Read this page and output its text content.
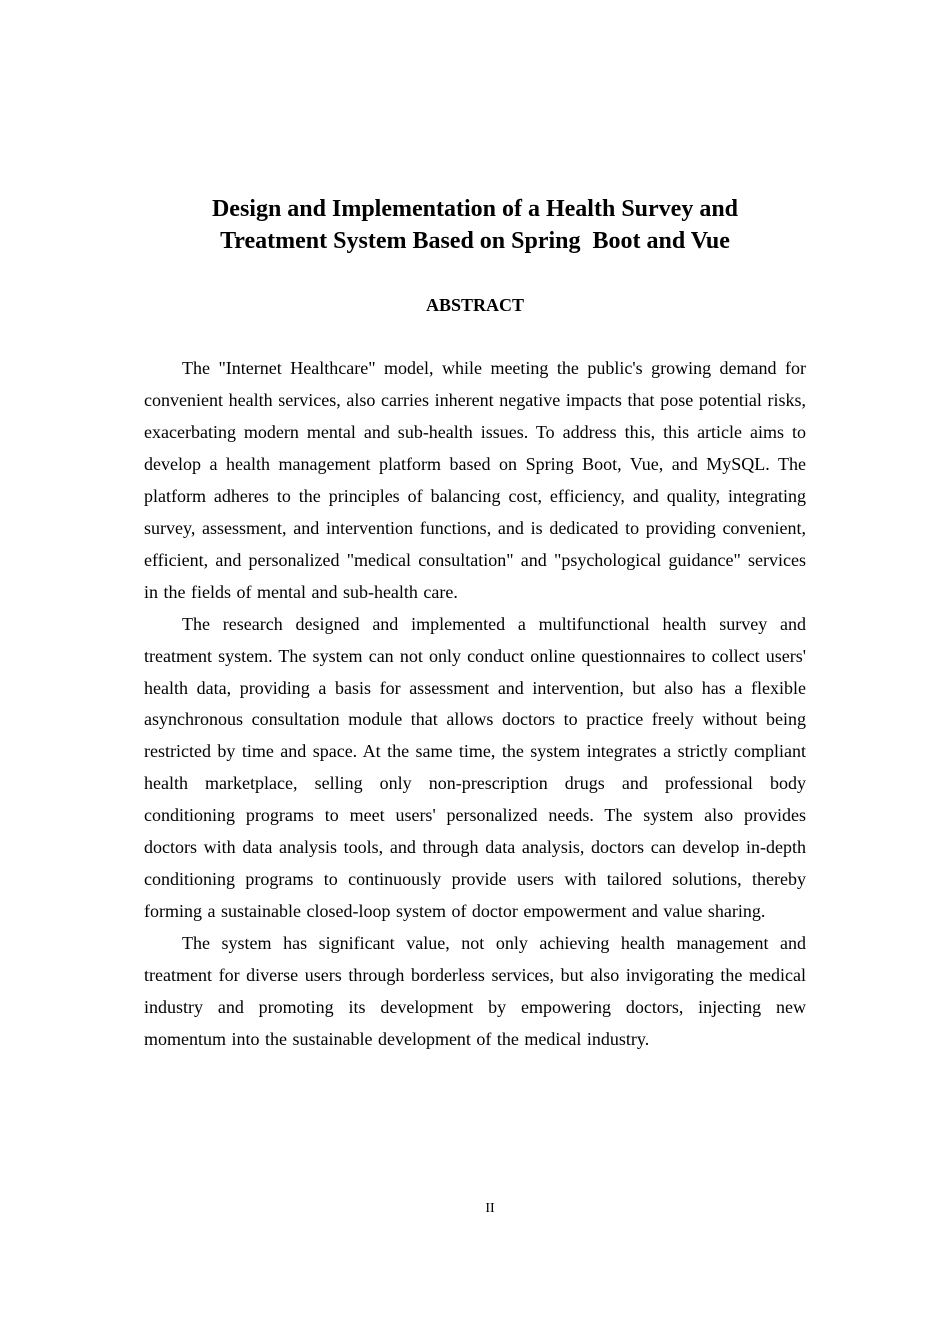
Design and Implementation of a Health Survey and
Treatment System Based on Spring  Boot and Vue
ABSTRACT

The "Internet Healthcare" model, while meeting the public's growing demand for convenient health services, also carries inherent negative impacts that pose potential risks, exacerbating modern mental and sub-health issues. To address this, this article aims to develop a health management platform based on Spring Boot, Vue, and MySQL. The platform adheres to the principles of balancing cost, efficiency, and quality, integrating survey, assessment, and intervention functions, and is dedicated to providing convenient, efficient, and personalized "medical consultation" and "psychological guidance" services in the fields of mental and sub-health care.

The research designed and implemented a multifunctional health survey and treatment system. The system can not only conduct online questionnaires to collect users' health data, providing a basis for assessment and intervention, but also has a flexible asynchronous consultation module that allows doctors to practice freely without being restricted by time and space. At the same time, the system integrates a strictly compliant health marketplace, selling only non-prescription drugs and professional body conditioning programs to meet users' personalized needs. The system also provides doctors with data analysis tools, and through data analysis, doctors can develop in-depth conditioning programs to continuously provide users with tailored solutions, thereby forming a sustainable closed-loop system of doctor empowerment and value sharing.

The system has significant value, not only achieving health management and treatment for diverse users through borderless services, but also invigorating the medical industry and promoting its development by empowering doctors, injecting new momentum into the sustainable development of the medical industry.

II
